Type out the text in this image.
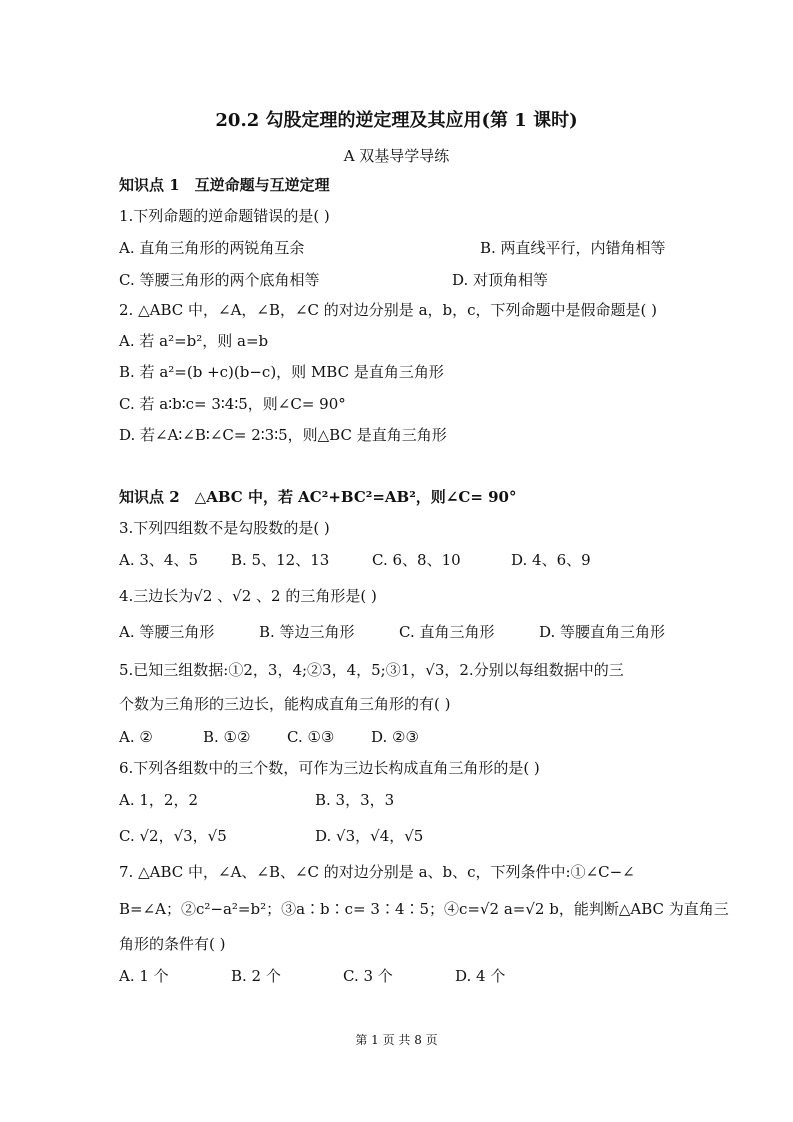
20.2 勾股定理的逆定理及其应用(第 1 课时)
A 双基导学导练
知识点 1　互逆命题与互逆定理
1.下列命题的逆命题错误的是( )
A. 直角三角形的两锐角互余	B. 两直线平行，内错角相等
C. 等腰三角形的两个底角相等	D. 对顶角相等
2. △ABC 中，∠A，∠B，∠C 的对边分别是 a，b，c，下列命题中是假命题是( )
A. 若 a²=b²，则 a=b
B. 若 a²=(b +c)(b−c)，则 MBC 是直角三角形
C. 若 a∶b∶c= 3∶4∶5，则∠C= 90°
D. 若∠A∶∠B∶∠C= 2∶3∶5，则△BC 是直角三角形
知识点 2　△ABC 中，若 AC²+BC²=AB²，则∠C= 90°
3.下列四组数不是勾股数的是( )
A. 3、4、5 B. 5、12、13	C. 6、8、10	D. 4、6、9
4.三边长为√2 、√2 、2 的三角形是( )
A. 等腰三角形	B. 等边三角形	C. 直角三角形	D. 等腰直角三角形
5.已知三组数据:①2，3，4;②3，4，5;③1，√3，2.分别以每组数据中的三
个数为三角形的三边长，能构成直角三角形的有( )
A. ②	B. ①② C. ①③ D. ②③
6.下列各组数中的三个数，可作为三边长构成直角三角形的是( )
A. 1，2，2	B. 3，3，3
C. √2，√3，√5	D. √3，√4，√5
7. △ABC 中，∠A、∠B、∠C 的对边分别是 a、b、c，下列条件中:①∠C−∠
B=∠A；②c²−a²=b²；③a∶b∶c= 3∶4∶5；④c=√2 a=√2 b，能判断△ABC 为直角三
角形的条件有( )
A. 1 个	B. 2 个	C. 3 个	D. 4 个
第 1 页 共 8 页
